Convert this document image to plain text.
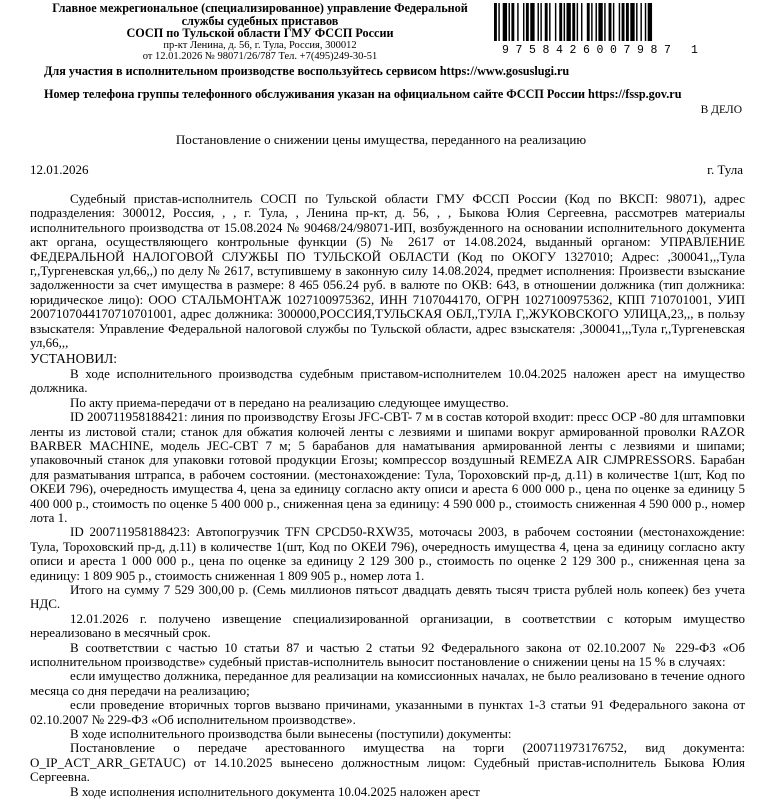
Главное межрегиональное (специализированное) управление Федеральной
службы судебных приставов
СОСП по Тульской области ГМУ ФССП России
пр-кт Ленина, д. 56, г. Тула, Россия, 300012
от 12.01.2026 № 98071/26/787 Тел. +7(495)249-30-51	9758426007987 1
Для участия в исполнительном производстве воспользуйтесь сервисом https://www.gosuslugi.ru
Номер телефона группы телефонного обслуживания указан на официальном сайте ФССП России https://fssp.gov.ru
В ДЕЛО
Постановление о снижении цены имущества, переданного на реализацию
12.01.2026	г. Тула

Судебный пристав-исполнитель СОСП по Тульской области ГМУ ФССП России (Код по ВКСП: 98071), адрес подразделения: 300012, Россия, , , г. Тула, , Ленина пр-кт, д. 56, , , Быкова Юлия Сергеевна, рассмотрев материалы исполнительного производства от 15.08.2024 № 90468/24/98071-ИП, возбужденного на основании исполнительного документа акт органа, осуществляющего контрольные функции (5) № 2617 от 14.08.2024, выданный органом: УПРАВЛЕНИЕ ФЕДЕРАЛЬНОЙ НАЛОГОВОЙ СЛУЖБЫ ПО ТУЛЬСКОЙ ОБЛАСТИ (Код по ОКОГУ 1327010; Адрес: ,300041,,,Тула г,,Тургеневская ул,66,,) по делу № 2617, вступившему в законную силу 14.08.2024, предмет исполнения: Произвести взыскание задолженности за счет имущества в размере: 8 465 056.24 руб. в валюте по ОКВ: 643, в отношении должника (тип должника: юридическое лицо): ООО СТАЛЬМОНТАЖ 1027100975362, ИНН 7107044170, ОГРН 1027100975362, КПП 710701001, УИП 2007107044170710701001, адрес должника: 300000,РОССИЯ,ТУЛЬСКАЯ ОБЛ,,ТУЛА Г,,ЖУКОВСКОГО УЛИЦА,23,,, в пользу взыскателя: Управление Федеральной налоговой службы по Тульской области, адрес взыскателя: ,300041,,,Тула г,,Тургеневская ул,66,,,

УСТАНОВИЛ:

В ходе исполнительного производства судебным приставом-исполнителем 10.04.2025 наложен арест на имущество должника.

По акту приема-передачи от в передано на реализацию следующее имущество.

ID 200711958188421: линия по производству Егозы JFC-CBT- 7 м в состав которой входит: пресс OCP -80 для штамповки ленты из листовой стали; станок для обжатия колючей ленты с лезвиями и шипами вокруг армированной проволки RAZOR BARBER MACHINE, модель JEC-CBT 7 м; 5 барабанов для наматывания армированной ленты с лезвиями и шипами; упаковочный станок для упаковки готовой продукции Егозы; компрессор воздушный REMEZA AIR CJMPRESSORS. Барабан для разматывания штрапса, в рабочем состоянии. (местонахождение: Тула, Тороховский пр-д, д.11) в количестве 1(шт, Код по ОКЕИ 796), очередность имущества 4, цена за единицу согласно акту описи и ареста 6 000 000 р., цена по оценке за единицу 5 400 000 р., стоимость по оценке 5 400 000 р., сниженная цена за единицу: 4 590 000 р., стоимость сниженная 4 590 000 р., номер лота 1.

ID 200711958188423: Автопогрузчик TFN CPCD50-RXW35, моточасы 2003, в рабочем состоянии (местонахождение: Тула, Тороховский пр-д, д.11) в количестве 1(шт, Код по ОКЕИ 796), очередность имущества 4, цена за единицу согласно акту описи и ареста 1 000 000 р., цена по оценке за единицу 2 129 300 р., стоимость по оценке 2 129 300 р., сниженная цена за единицу: 1 809 905 р., стоимость сниженная 1 809 905 р., номер лота 1.

Итого на сумму 7 529 300,00 р. (Семь миллионов пятьсот двадцать девять тысяч триста рублей ноль копеек) без учета НДС.

12.01.2026 г. получено извещение специализированной организации, в соответствии с которым имущество нереализовано в месячный срок.

В соответствии с частью 10 статьи 87 и частью 2 статьи 92 Федерального закона от 02.10.2007 № 229-ФЗ «Об исполнительном производстве» судебный пристав-исполнитель выносит постановление о снижении цены на 15 % в случаях:

если имущество должника, переданное для реализации на комиссионных началах, не было реализовано в течение одного месяца со дня передачи на реализацию;

если проведение вторичных торгов вызвано причинами, указанными в пунктах 1-3 статьи 91 Федерального закона от 02.10.2007 № 229-ФЗ «Об исполнительном производстве».

В ходе исполнительного производства были вынесены (поступили) документы:

Постановление о передаче арестованного имущества на торги (200711973176752, вид документа: O_IP_ACT_ARR_GETAUC) от 14.10.2025 вынесено должностным лицом: Судебный пристав-исполнитель Быкова Юлия Сергеевна.

В ходе исполнения исполнительного документа 10.04.2025 наложен арест
